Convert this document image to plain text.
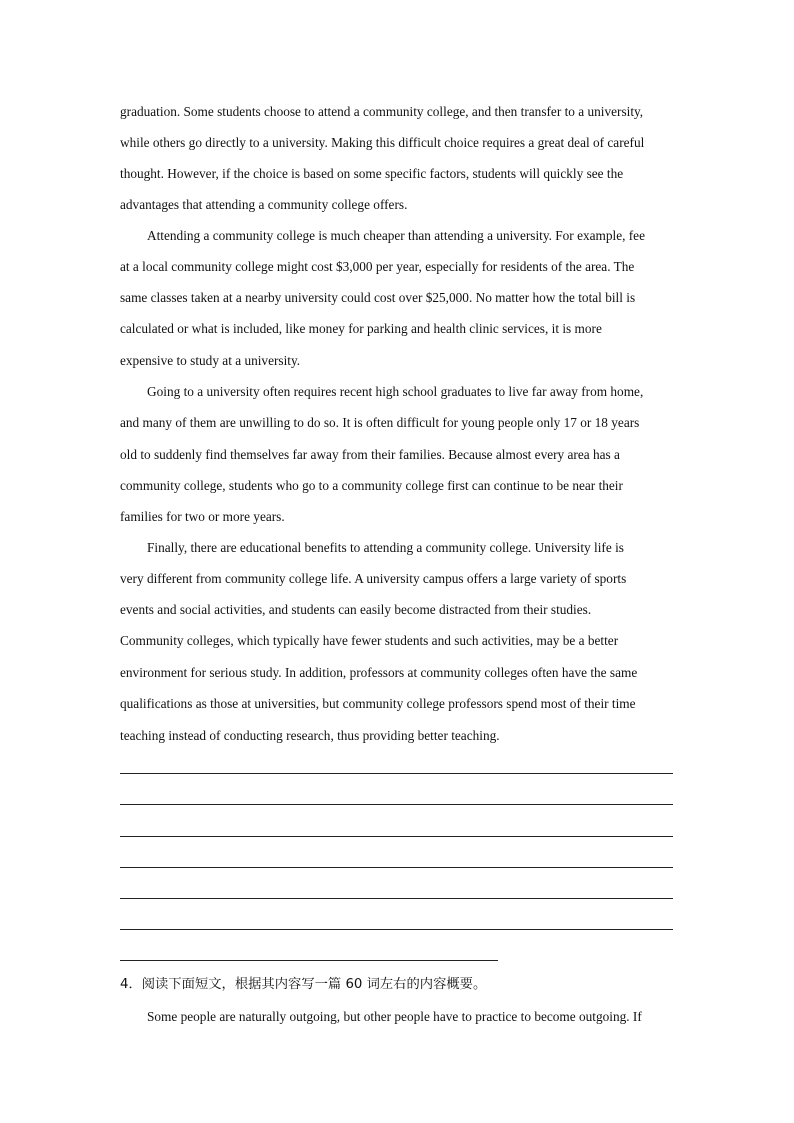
graduation. Some students choose to attend a community college, and then transfer to a university,
while others go directly to a university. Making this difficult choice requires a great deal of careful
thought. However, if the choice is based on some specific factors, students will quickly see the
advantages that attending a community college offers.
Attending a community college is much cheaper than attending a university. For example, fee
at a local community college might cost $3,000 per year, especially for residents of the area. The
same classes taken at a nearby university could cost over $25,000. No matter how the total bill is
calculated or what is included, like money for parking and health clinic services, it is more
expensive to study at a university.
Going to a university often requires recent high school graduates to live far away from home,
and many of them are unwilling to do so. It is often difficult for young people only 17 or 18 years
old to suddenly find themselves far away from their families. Because almost every area has a
community college, students who go to a community college first can continue to be near their
families for two or more years.
Finally, there are educational benefits to attending a community college. University life is
very different from community college life. A university campus offers a large variety of sports
events and social activities, and students can easily become distracted from their studies.
Community colleges, which typically have fewer students and such activities, may be a better
environment for serious study. In addition, professors at community colleges often have the same
qualifications as those at universities, but community college professors spend most of their time
teaching instead of conducting research, thus providing better teaching.
4．阅读下面短文，根据其内容写一篇 60 词左右的内容概要。
Some people are naturally outgoing, but other people have to practice to become outgoing. If
